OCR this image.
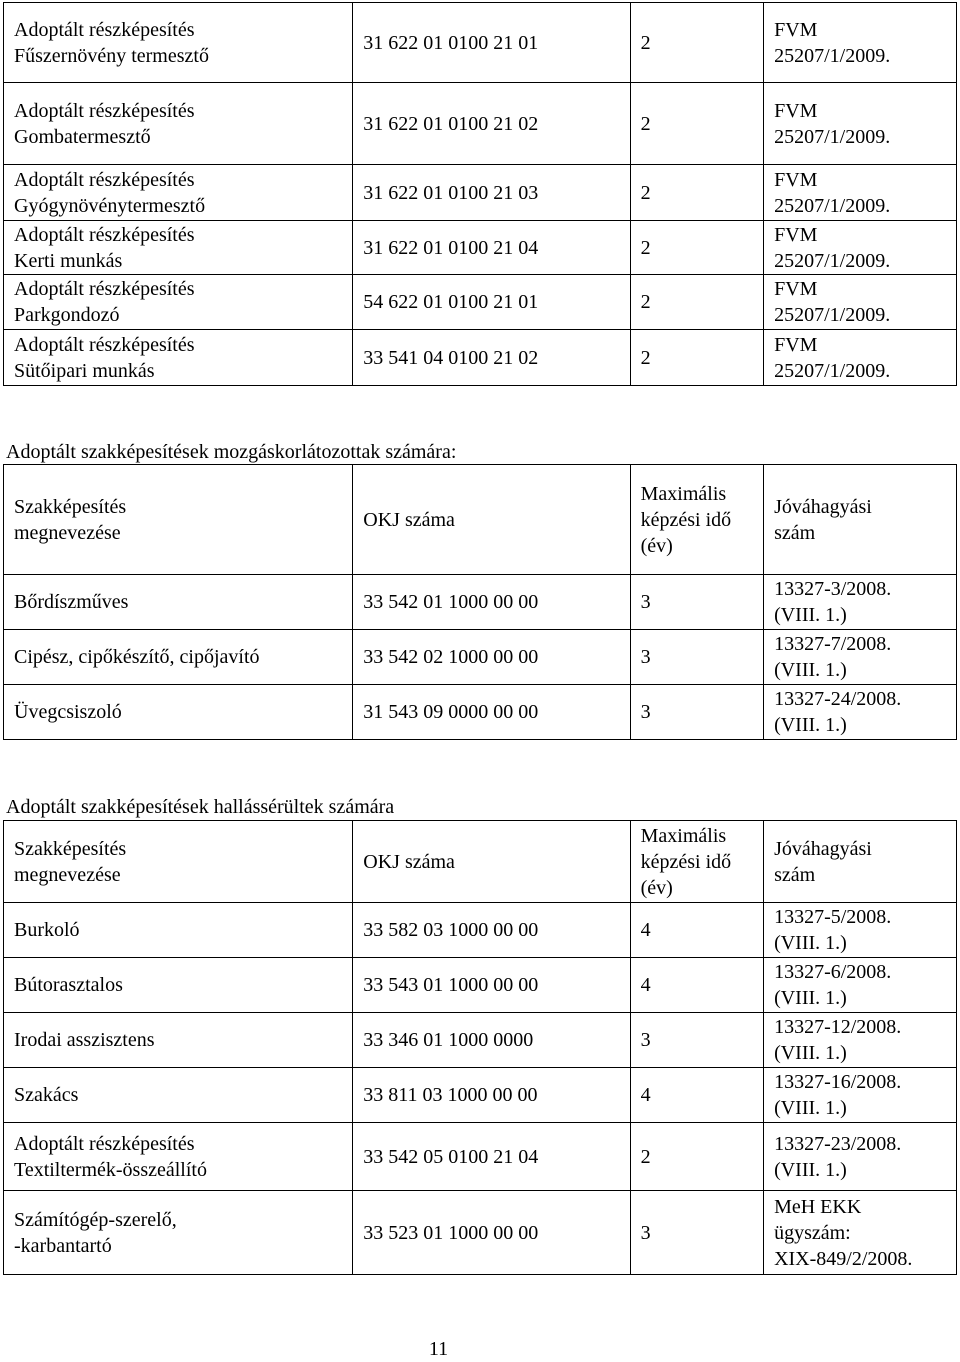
Adoptált részképesítés
Fűszernövény termesztő	31 622 01 0100 21 01	2	FVM
25207/1/2009.

Adoptált részképesítés
Gombatermesztő	31 622 01 0100 21 02	2	FVM
25207/1/2009.

Adoptált részképesítés
Gyógynövénytermesztő	31 622 01 0100 21 03	2	FVM
25207/1/2009.

Adoptált részképesítés
Kerti munkás	31 622 01 0100 21 04	2	FVM
25207/1/2009.

Adoptált részképesítés
Parkgondozó	54 622 01 0100 21 01	2	FVM
25207/1/2009.

Adoptált részképesítés
Sütőipari munkás	33 541 04 0100 21 02	2	FVM
25207/1/2009.
Adoptált szakképesítések mozgáskorlátozottak számára:
Szakképesítés
megnevezése	OKJ száma	Maximális
képzési idő
(év)	Jóváhagyási
szám

Bőrdíszműves	33 542 01 1000 00 00	3	13327-3/2008.
(VIII. 1.)

Cipész, cipőkészítő, cipőjavító	33 542 02 1000 00 00	3	13327-7/2008.
(VIII. 1.)

Üvegcsiszoló	31 543 09 0000 00 00	3	13327-24/2008.
(VIII. 1.)
Adoptált szakképesítések hallássérültek számára
Szakképesítés
megnevezése	OKJ száma	Maximális
képzési idő
(év)	Jóváhagyási
szám

Burkoló	33 582 03 1000 00 00	4	13327-5/2008.
(VIII. 1.)

Bútorasztalos	33 543 01 1000 00 00	4	13327-6/2008.
(VIII. 1.)

Irodai asszisztens	33 346 01 1000 0000	3	13327-12/2008.
(VIII. 1.)

Szakács	33 811 03 1000 00 00	4	13327-16/2008.
(VIII. 1.)

Adoptált részképesítés
Textiltermék-összeállító	33 542 05 0100 21 04	2	13327-23/2008.
(VIII. 1.)

Számítógép-szerelő,
-karbantartó	33 523 01 1000 00 00	3	MeH EKK
ügyszám:
XIX-849/2/2008.
11
